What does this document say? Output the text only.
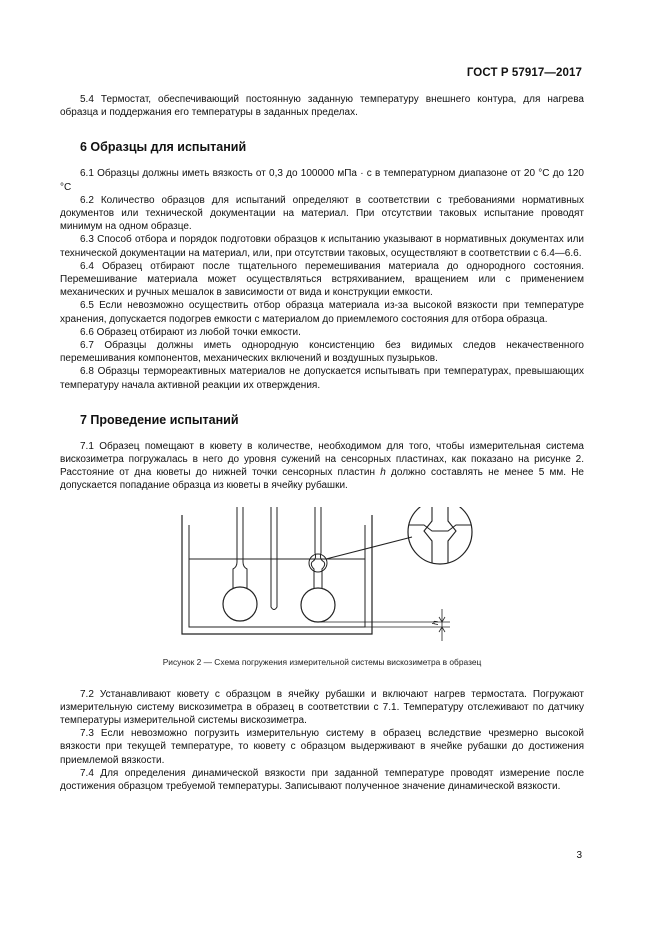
ГОСТ Р 57917—2017

5.4 Термостат, обеспечивающий постоянную заданную температуру внешнего контура, для нагрева образца и поддержания его температуры в заданных пределах.

6 Образцы для испытаний

6.1 Образцы должны иметь вязкость от 0,3 до 100000 мПа · с в температурном диапазоне от 20 °С до 120 °С

6.2 Количество образцов для испытаний определяют в соответствии с требованиями нормативных документов или технической документации на материал. При отсутствии таковых испытание проводят минимум на одном образце.

6.3 Способ отбора и порядок подготовки образцов к испытанию указывают в нормативных документах или технической документации на материал, или, при отсутствии таковых, осуществляют в соответствии с 6.4—6.6.

6.4 Образец отбирают после тщательного перемешивания материала до однородного состояния. Перемешивание материала может осуществляться встряхиванием, вращением или с применением механических и ручных мешалок в зависимости от вида и конструкции емкости.

6.5 Если невозможно осуществить отбор образца материала из-за высокой вязкости при температуре хранения, допускается подогрев емкости с материалом до приемлемого состояния для отбора образца.

6.6 Образец отбирают из любой точки емкости.

6.7 Образцы должны иметь однородную консистенцию без видимых следов некачественного перемешивания компонентов, механических включений и воздушных пузырьков.

6.8 Образцы термореактивных материалов не допускается испытывать при температурах, превышающих температуру начала активной реакции их отверждения.

7 Проведение испытаний

7.1 Образец помещают в кювету в количестве, необходимом для того, чтобы измерительная система вискозиметра погружалась в него до уровня сужений на сенсорных пластинах, как показано на рисунке 2. Расстояние от дна кюветы до нижней точки сенсорных пластин h должно составлять не менее 5 мм. Не допускается попадание образца из кюветы в ячейку рубашки.

h
Рисунок 2 — Схема погружения измерительной системы вискозиметра в образец

7.2 Устанавливают кювету с образцом в ячейку рубашки и включают нагрев термостата. Погружают измерительную систему вискозиметра в образец в соответствии с 7.1. Температуру отслеживают по датчику температуры измерительной системы вискозиметра.

7.3 Если невозможно погрузить измерительную систему в образец вследствие чрезмерно высокой вязкости при текущей температуре, то кювету с образцом выдерживают в ячейке рубашки до достижения приемлемой вязкости.

7.4 Для определения динамической вязкости при заданной температуре проводят измерение после достижения образцом требуемой температуры. Записывают полученное значение динамической вязкости.

3
